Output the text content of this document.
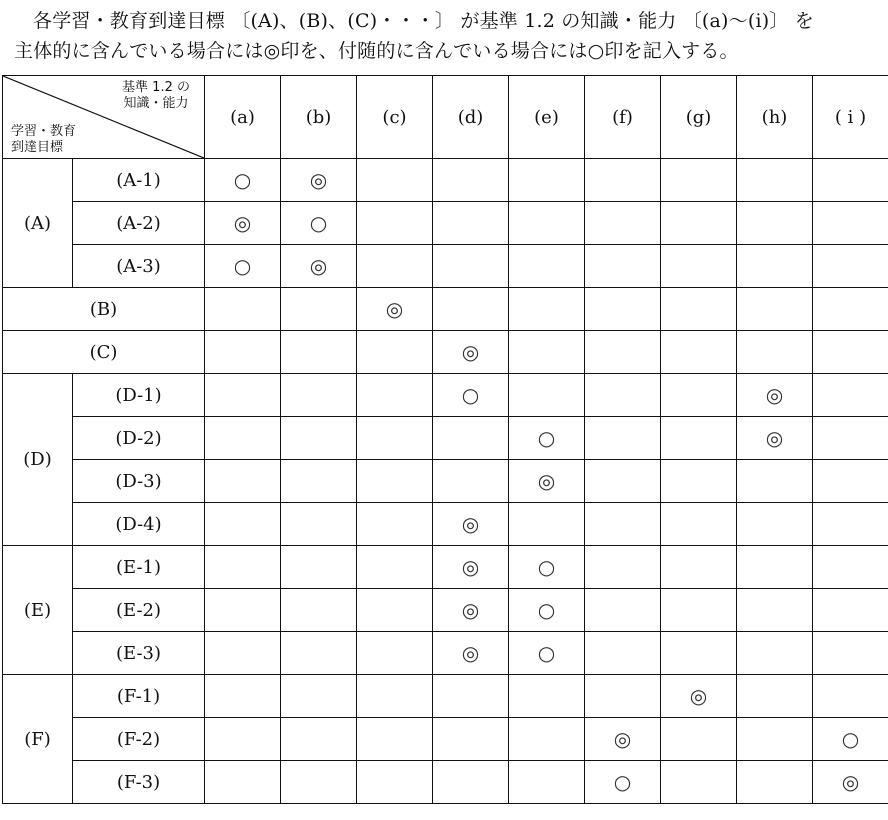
各学習・教育到達目標 〔(A)、(B)、(C)・・・〕 が基準 1.2 の知識・能力 〔(a)〜(i)〕 を

主体的に含んでいる場合には◎印を、付随的に含んでいる場合には○印を記入する。

基準 1.2 の
知識・能力
学習・教育
到達目標		(a)	(b)	(c)	(d)	(e)	(f)	(g)	(h)	( i )
(A)	(A-1)	○	◎							
	(A-2)	◎	○							
	(A-3)	○	◎							
(B)				◎						
(C)					◎					
(D)	(D-1)				○				◎	
	(D-2)					○			◎	
	(D-3)					◎				
	(D-4)				◎					
(E)	(E-1)				◎	○				
	(E-2)				◎	○				
	(E-3)				◎	○				
(F)	(F-1)							◎		
	(F-2)						◎			○
	(F-3)						○			◎
